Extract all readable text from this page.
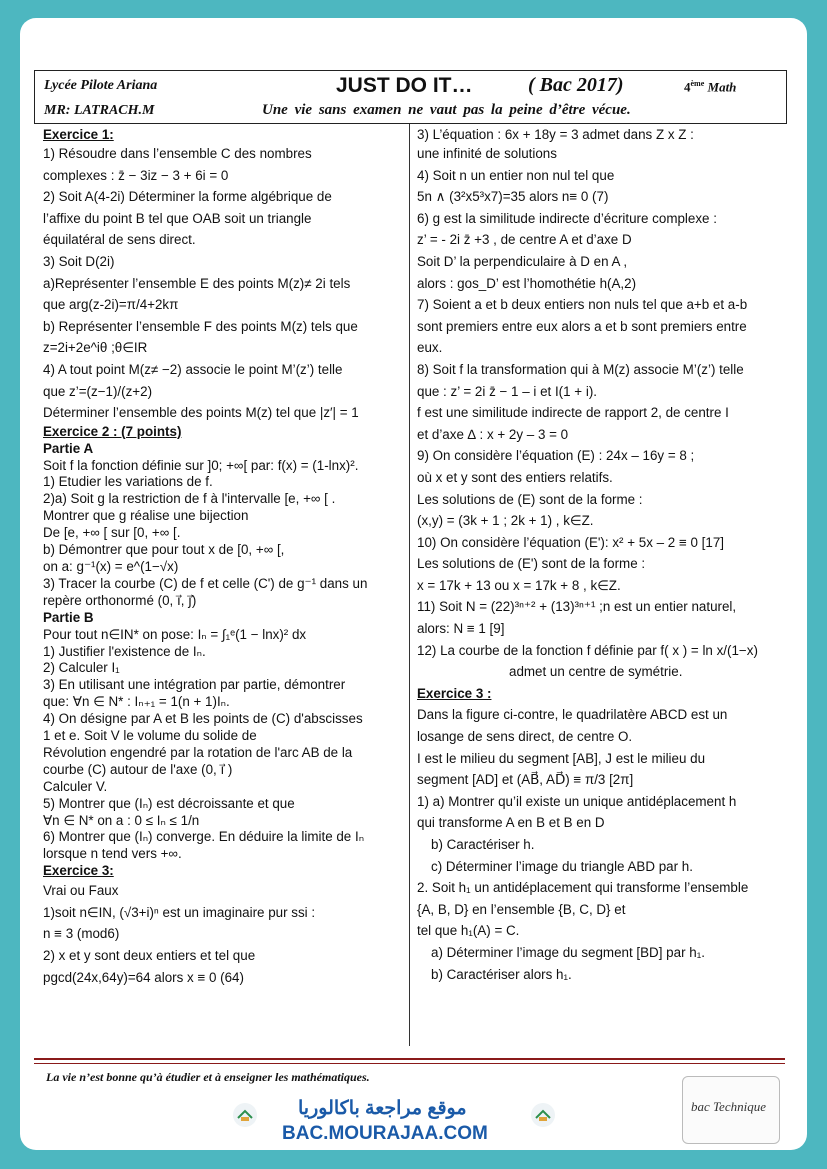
Lycée Pilote Ariana
MR: LATRACH.M
JUST DO IT…	( Bac 2017)	4ème Math
Une vie sans examen ne vaut pas la peine d’être vécue.

Exercice 1:

1) Résoudre dans l’ensemble C des nombres

complexes : z̄ − 3iz − 3 + 6i = 0

2) Soit A(4-2i) Déterminer la forme algébrique de

l’affixe du point B tel que OAB soit un triangle

équilatéral de sens direct.

3) Soit D(2i)

a)Représenter l’ensemble E des points M(z)≠ 2i tels

que arg(z-2i)=π/4+2kπ

b) Représenter l’ensemble F des points M(z) tels que

z=2i+2e^iθ ;θ∈IR

4) A tout point M(z≠ −2) associe le point M’(z’) telle

que z’=(z−1)/(z+2)

Déterminer l’ensemble des points M(z) tel que |z′| = 1

Exercice 2 : (7 points)

Partie A

Soit f la fonction définie sur ]0; +∞[ par: f(x) = (1-lnx)².

1) Etudier les variations de f.

2)a) Soit g la restriction de f à l'intervalle [e, +∞ [ .

Montrer que g réalise une bijection

De [e, +∞ [ sur [0, +∞ [.

b) Démontrer que pour tout x de [0, +∞ [,

on a: g⁻¹(x) = e^(1−√x)

3) Tracer la courbe (C) de f et celle (C') de g⁻¹ dans un

repère orthonormé (0, i⃗, j⃗)

Partie B

Pour tout n∈IN* on pose: Iₙ = ∫₁ᵉ(1 − lnx)² dx

1) Justifier l'existence de Iₙ.

2) Calculer I₁

3) En utilisant une intégration par partie, démontrer

que: ∀n ∈ N* : Iₙ₊₁ = 1(n + 1)Iₙ.

4) On désigne par A et B les points de (C) d'abscisses

1 et e. Soit V le volume du solide de

Révolution engendré par la rotation de l'arc AB de la

courbe (C) autour de l'axe (0, i⃗ )

Calculer V.

5) Montrer que (Iₙ) est décroissante et que

∀n ∈ N* on a : 0 ≤ Iₙ ≤ 1/n

6) Montrer que (Iₙ) converge. En déduire la limite de Iₙ

lorsque n tend vers +∞.

Exercice 3:

Vrai ou Faux

1)soit n∈IN, (√3+i)ⁿ est un imaginaire pur ssi :

n ≡ 3 (mod6)

2) x et y sont deux entiers et tel que

pgcd(24x,64y)=64 alors x ≡ 0 (64)

3) L’équation : 6x + 18y = 3 admet dans Z x Z :

une infinité de solutions

4) Soit n un entier non nul tel que

5n ∧ (3²x5³x7)=35 alors n≡ 0 (7)

6) g est la similitude indirecte d’écriture complexe :

z’ = - 2i z̄ +3 , de centre A et d’axe D

Soit D’ la perpendiculaire à D en A ,

alors : gos_D’ est l’homothétie h(A,2)

7) Soient a et b deux entiers non nuls tel que a+b et a-b

sont premiers entre eux alors a et b sont premiers entre

eux.

8) Soit f la transformation qui à M(z) associe M’(z’) telle

que : z’ = 2i z̄ − 1 – i et I(1 + i).

f est une similitude indirecte de rapport 2, de centre I

et d’axe ∆ : x + 2y – 3 = 0

9) On considère l’équation (E) : 24x – 16y = 8 ;

où x et y sont des entiers relatifs.

Les solutions de (E) sont de la forme :

(x,y) = (3k + 1 ; 2k + 1) , k∈Z.

10) On considère l’équation (E'): x² + 5x – 2 ≡ 0 [17]

Les solutions de (E') sont de la forme :

x = 17k + 13 ou x = 17k + 8 , k∈Z.

11) Soit N = (22)³ⁿ⁺² + (13)³ⁿ⁺¹ ;n est un entier naturel,

alors: N ≡ 1 [9]

12) La courbe de la fonction f définie par f( x ) = ln x/(1−x)

admet un centre de symétrie.

Exercice 3 :

Dans la figure ci-contre, le quadrilatère ABCD est un

losange de sens direct, de centre O.

I est le milieu du segment [AB], J est le milieu du

segment [AD] et (AB⃗, AD⃗) ≡ π/3 [2π]

1) a) Montrer qu’il existe un unique antidéplacement h

qui transforme A en B et B en D

b) Caractériser h.

c) Déterminer l’image du triangle ABD par h.

2. Soit h₁ un antidéplacement qui transforme l’ensemble

{A, B, D} en l’ensemble {B, C, D} et

tel que h₁(A) = C.

a) Déterminer l’image du segment [BD] par h₁.

b) Caractériser alors h₁.

La vie n’est bonne qu’à étudier et à enseigner les mathématiques.
موقع مراجعة باكالوريا
BAC.MOURAJAA.COM
bac Technique
